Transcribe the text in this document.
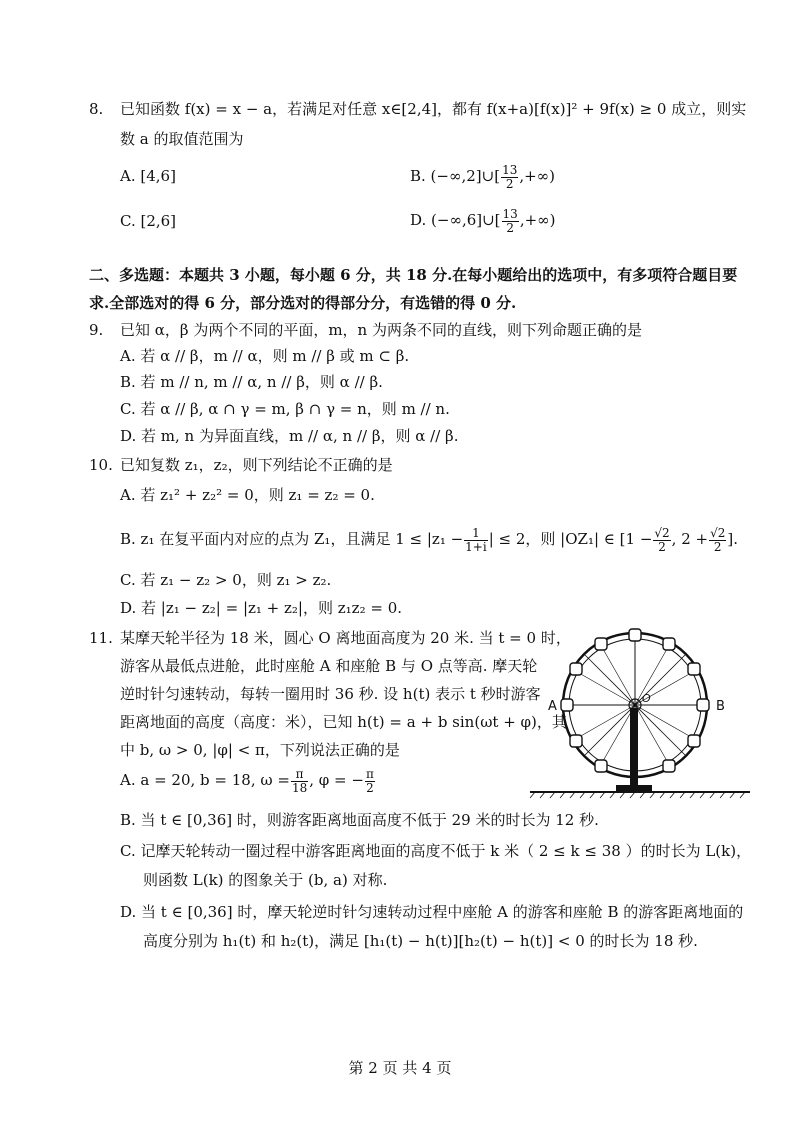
8. 已知函数 f(x) = x − a，若满足对任意 x∈[2,4]，都有 f(x+a)[f(x)]² + 9f(x) ≥ 0 成立，则实
数 a 的取值范围为
A. [4,6]	B. (−∞,2]∪[ $\frac{13}{2}$ ,+∞)
C. [2,6]	D. (−∞,6]∪[ $\frac{13}{2}$ ,+∞)
二、多选题：本题共 3 小题，每小题 6 分，共 18 分.在每小题给出的选项中，有多项符合题目要
求.全部选对的得 6 分，部分选对的得部分分，有选错的得 0 分.
9. 已知 α，β 为两个不同的平面，m，n 为两条不同的直线，则下列命题正确的是
A. 若 α // β，m // α，则 m // β 或 m ⊂ β.
B. 若 m // n, m // α, n // β，则 α // β.
C. 若 α // β, α ∩ γ = m, β ∩ γ = n，则 m // n.
D. 若 m, n 为异面直线，m // α, n // β，则 α // β.
10. 已知复数 z₁，z₂，则下列结论不正确的是
A. 若 z₁² + z₂² = 0，则 z₁ = z₂ = 0.
B. z₁ 在复平面内对应的点为 Z₁，且满足 $1 \le |z_1 - \frac{1}{1+i}$ | ≤ 2，则 |OZ₁| ∈ [$1 - \frac{√2}{2}$ , $2 + \frac{√2}{2}$ ].
C. 若 z₁ − z₂ > 0，则 z₁ > z₂.
D. 若 |z₁ − z₂| = |z₁ + z₂|，则 z₁z₂ = 0.
11. 某摩天轮半径为 18 米，圆心 O 离地面高度为 20 米. 当 t = 0 时，
游客从最低点进舱，此时座舱 A 和座舱 B 与 O 点等高. 摩天轮
逆时针匀速转动，每转一圈用时 36 秒. 设 h(t) 表示 t 秒时游客
距离地面的高度（高度：米），已知 h(t) = a + b sin(ωt + φ)，其
中 b, ω > 0, |φ| < π，下列说法正确的是
A. a = 20, b = 18, $\omega = \frac{\pi}{18}$ , φ = − $\frac{\pi}{2}$
B. 当 t ∈ [0,36] 时，则游客距离地面高度不低于 29 米的时长为 12 秒.
C. 记摩天轮转动一圈过程中游客距离地面的高度不低于 k 米（ 2 ≤ k ≤ 38 ）的时长为 L(k)，
则函数 L(k) 的图象关于 (b, a) 对称.
D. 当 t ∈ [0,36] 时，摩天轮逆时针匀速转动过程中座舱 A 的游客和座舱 B 的游客距离地面的
高度分别为 h₁(t) 和 h₂(t)，满足 [h₁(t) − h(t)][h₂(t) − h(t)] < 0 的时长为 18 秒.
A	B
O
第 2 页 共 4 页
